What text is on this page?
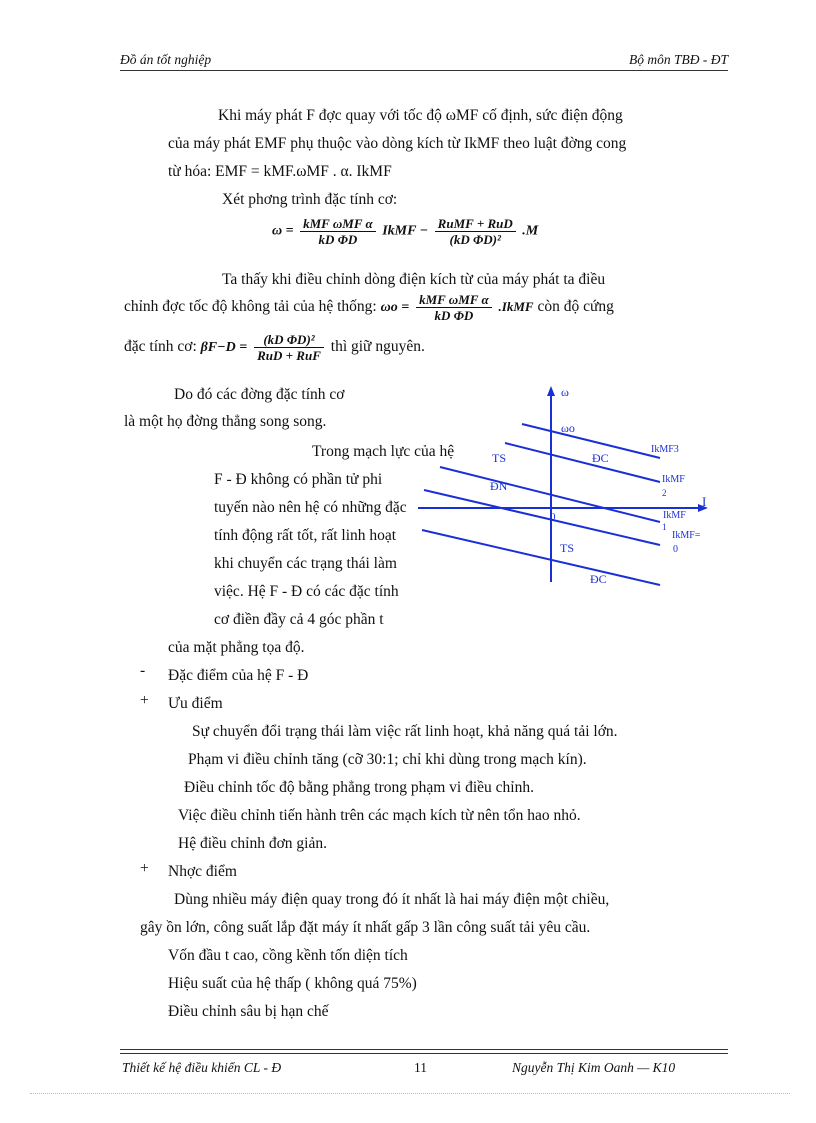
Đồ án tốt nghiệp	Bộ môn TBĐ - ĐT
Khi máy phát F đợc quay với tốc độ ωMF cố định, sức điện động
của máy phát EMF phụ thuộc vào dòng kích từ IkMF theo luật đờng cong
từ hóa: EMF = kMF.ωMF . α. IkMF
Xét phơng trình đặc tính cơ:
$\omega = \frac{\text{kMF ωMF α}}{\text{kD ΦD}}$ IkMF − $\frac{\text{RuMF + RuD}}{\text{(kD ΦD)²}} .M$
Ta thấy khi điều chỉnh dòng điện kích từ của máy phát ta điều
chỉnh đợc tốc độ không tải của hệ thống: $\omega o = \frac{\text{kMF ωMF α}}{\text{kD ΦD}}$ .IkMF còn độ cứng
đặc tính cơ: $\beta F-D = \frac{\text{(kD ΦD)²}}{\text{RuD + RuF}}$ thì giữ nguyên.
Do đó các đờng đặc tính cơ
là một họ đờng thẳng song song.
Trong mạch lực của hệ
F - Đ không có phần tử phi
tuyến nào nên hệ có những đặc
tính động rất tốt, rất linh hoạt
khi chuyển các trạng thái làm
việc. Hệ F - Đ có các đặc tính
cơ điền đầy cả 4 góc phần t
của mặt phẳng tọa độ.
ω
ωo
I
0
IkMF3
IkMF
2
IkMF
1
IkMF=
0
ĐC
ĐC
TS
TS
ĐN
- Đặc điểm của hệ F - Đ
+ Ưu điểm
Sự chuyển đổi trạng thái làm việc rất linh hoạt, khả năng quá tải lớn.
Phạm vi điều chỉnh tăng (cỡ 30:1; chỉ khi dùng trong mạch kín).
Điều chỉnh tốc độ bằng phẳng trong phạm vi điều chỉnh.
Việc điều chỉnh tiến hành trên các mạch kích từ nên tổn hao nhỏ.
Hệ điều chỉnh đơn giản.
+ Nhợc điểm
Dùng nhiều máy điện quay trong đó ít nhất là hai máy điện một chiều,
gây ồn lớn, công suất lắp đặt máy ít nhất gấp 3 lần công suất tải yêu cầu.
Vốn đầu t cao, cồng kềnh tốn diện tích
Hiệu suất của hệ thấp ( không quá 75%)
Điều chỉnh sâu bị hạn chế
Thiết kế hệ điều khiển CL - Đ	11	Nguyễn Thị Kim Oanh — K10
